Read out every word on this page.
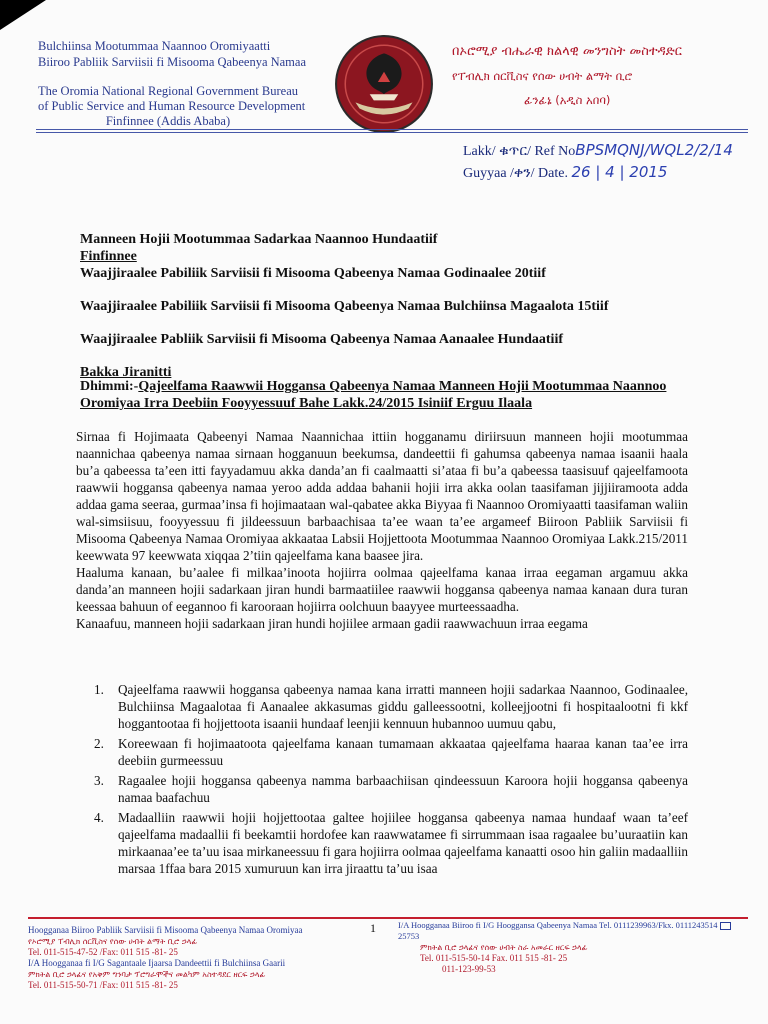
Bulchiinsa Mootummaa Naannoo Oromiyaatti
Biiroo Pabliik Sarviisii fi Misooma Qabeenya Namaa
The Oromia National Regional Government Bureau
of Public Service and Human Resource Development
Finfinnee (Addis Ababa)
በኦሮሚያ ብሔራዊ ክልላዊ መንግስት መስተዳድር
የፐብሊክ ሰርቪስና የሰው ሀብት ልማት ቢሮ
ፊንፊኔ (አዲስ አበባ)
Lakk/ ቁጥር/ Ref NoBPSMQNJ/WQL2/2/14
Guyyaa /ቀን/ Date. 26 | 4 | 2015
Manneen Hojii Mootummaa Sadarkaa Naannoo Hundaatiif
Finfinnee
Waajjiraalee Pabiliik Sarviisii fi Misooma Qabeenya Namaa Godinaalee 20tiif
Waajjiraalee Pabiliik Sarviisii fi Misooma Qabeenya Namaa Bulchiinsa Magaalota 15tiif
Waajjiraalee Pabliik Sarviisii fi Misooma Qabeenya Namaa Aanaalee Hundaatiif
Bakka Jiranitti
Dhimmi:-Qajeelfama Raawwii Hoggansa Qabeenya Namaa Manneen Hojii Mootummaa Naannoo Oromiyaa Irra Deebiin Fooyyessuuf Bahe Lakk.24/2015 Isiniif Erguu Ilaala

Sirnaa fi Hojimaata Qabeenyi Namaa Naannichaa ittiin hogganamu diriirsuun manneen hojii mootummaa naannichaa qabeenya namaa sirnaan hogganuun beekumsa, dandeettii fi gahumsa qabeenya namaa isaanii haala bu’a qabeessa ta’een itti fayyadamuu akka danda’an fi caalmaatti si’ataa fi bu’a qabeessa taasisuuf qajeelfamoota raawwii hoggansa qabeenya namaa yeroo adda addaa bahanii hojii irra akka oolan taasifaman jijjiiramoota adda addaa gama seeraa, gurmaa’insa fi hojimaataan wal-qabatee akka Biyyaa fi Naannoo Oromiyaatti taasifaman waliin wal-simsiisuu, fooyyessuu fi jildeessuun barbaachisaa ta’ee waan ta’ee argameef Biiroon Pabliik Sarviisii fi Misooma Qabeenya Namaa Oromiyaa akkaataa Labsii Hojjettoota Mootummaa Naannoo Oromiyaa Lakk.215/2011 keewwata 97 keewwata xiqqaa 2’tiin qajeelfama kana baasee jira.

Haaluma kanaan, bu’aalee fi milkaa’inoota hojiirra oolmaa qajeelfama kanaa irraa eegaman argamuu akka danda’an manneen hojii sadarkaan jiran hundi barmaatiilee raawwii hoggansa qabeenya namaa kanaan dura turan keessaa bahuun of eegannoo fi karooraan hojiirra oolchuun baayyee murteessaadha.

Kanaafuu, manneen hojii sadarkaan jiran hundi hojiilee armaan gadii raawwachuun irraa eegama

1.	Qajeelfama raawwii hoggansa qabeenya namaa kana irratti manneen hojii sadarkaa Naannoo, Godinaalee, Bulchiinsa Magaalotaa fi Aanaalee akkasumas giddu galleessootni, kolleejjootni fi hospitaalootni fi kkf hoggantootaa fi hojjettoota isaanii hundaaf leenjii kennuun hubannoo uumuu qabu,
2.	Koreewaan fi hojimaatoota qajeelfama kanaan tumamaan akkaataa qajeelfama haaraa kanan taa’ee irra deebiin gurmeessuu
3.	Ragaalee hojii hoggansa qabeenya namma barbaachiisan qindeessuun Karoora hojii hoggansa qabeenya namaa baafachuu
4.	Madaalliin raawwii hojii hojjettootaa galtee hojiilee hoggansa qabeenya namaa hundaaf waan ta’eef qajeelfama madaallii fi beekamtii hordofee kan raawwatamee fi sirrummaan isaa ragaalee bu’uuraatiin kan mirkaanaa’ee ta’uu isaa mirkaneessuu fi gara hojiirra oolmaa qajeelfama kanaatti osoo hin galiin madaalliin marsaa 1ffaa bara 2015 xumuruun kan irra jiraattu ta’uu isaa
1
Hoogganaa Biiroo Pabliik Sarviisii fi Misooma Qabeenya Namaa Oromiyaa
የኦሮሚያ ፐብሊክ ሰርቪስና የሰው ሀብት ልማት ቢሮ ኃላፊ
Tel. 011-515-47-52 /Fax: 011 515 -81- 25
I/A Hoogganaa fi I/G Sagantaale Ijaarsa Dandeettii fi Bulchiinsa Gaarii
ምክትል ቢሮ ኃላፊና የአቅም ግንባታ ፕሮግራሞችና መልካም አስተዳደር ዘርፍ ኃላፊ
Tel. 011-515-50-71 /Fax: 011 515 -81- 25
I/A Hoogganaa Biiroo fi I/G Hooggansa Qabeenya Namaa Tel. 0111239963/Fkx. 0111243514 25753
ምክትል ቢሮ ኃላፊና የሰው ሀብት ስራ አመራር ዘርፍ ኃላፊ
Tel. 011-515-50-14 Fax. 011 515 -81- 25
011-123-99-53
